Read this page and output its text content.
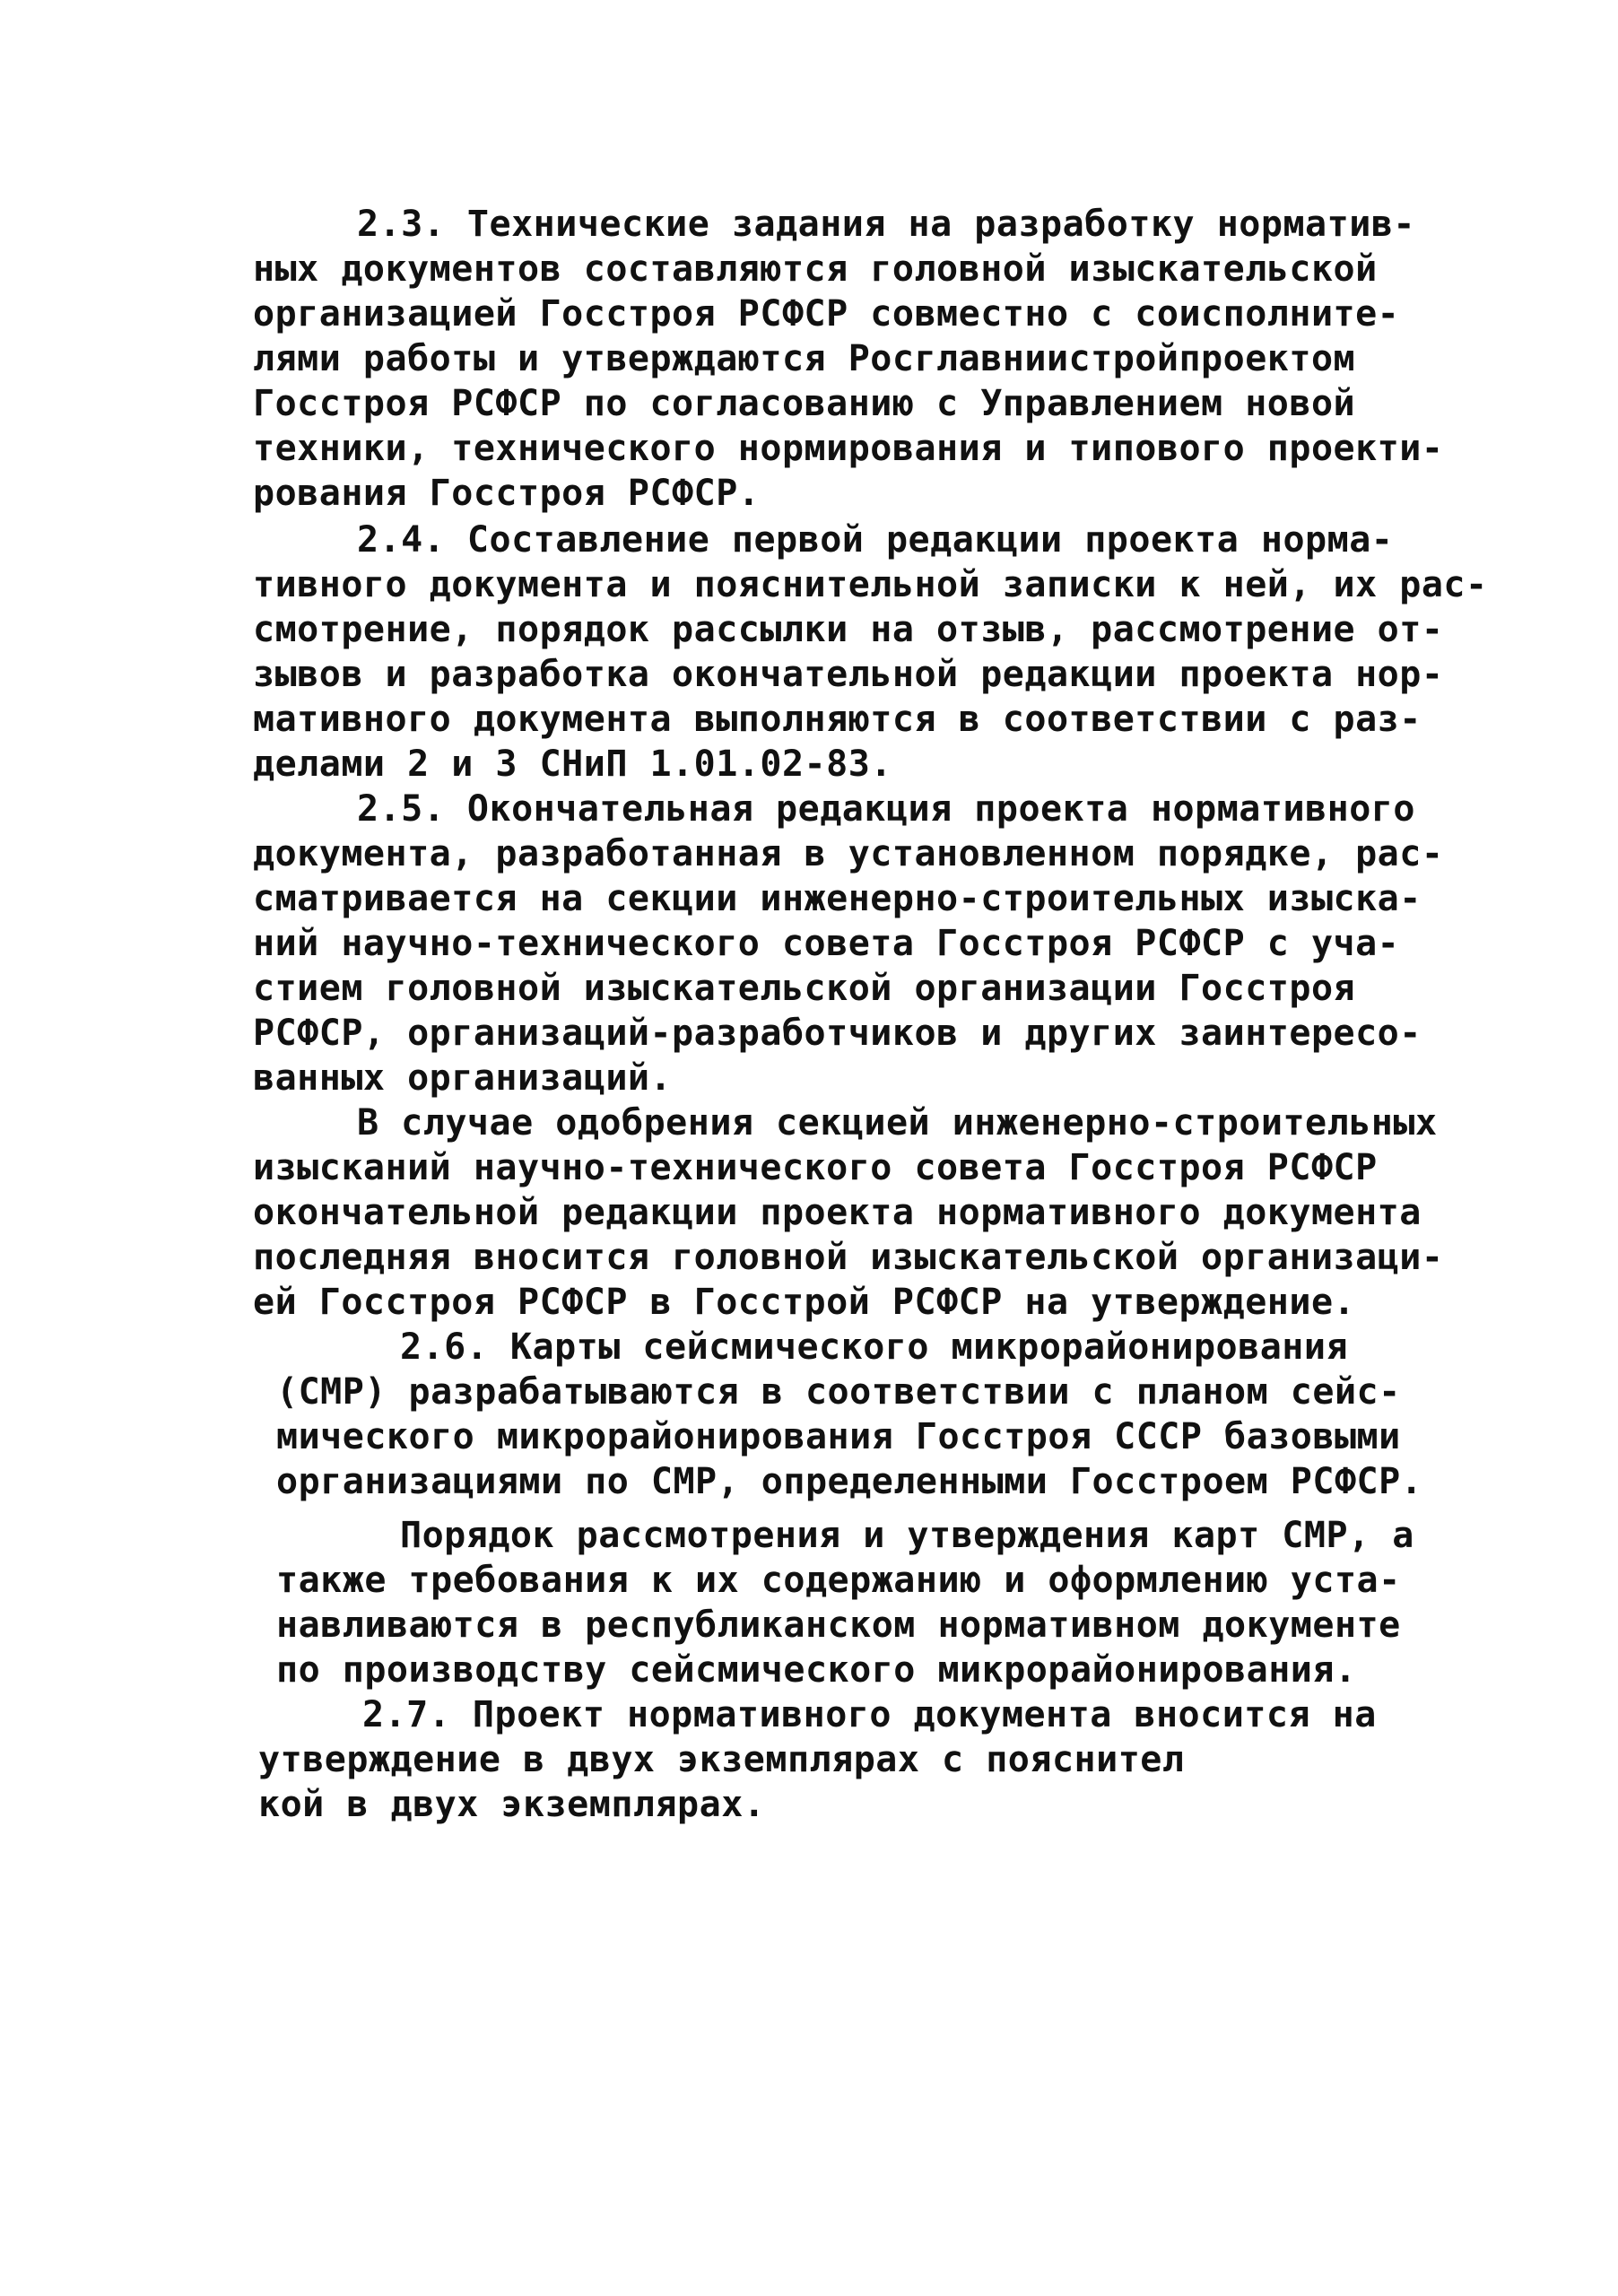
2.3. Технические задания на разработку норматив-
ных документов составляются головной изыскательской
организацией Госстроя РСФСР совместно с соисполните-
лями работы и утверждаются Росглавниистройпроектом
Госстроя РСФСР по согласованию с Управлением новой
техники, технического нормирования и типового проекти-
рования Госстроя РСФСР.
2.4. Составление первой редакции проекта норма-
тивного документа и пояснительной записки к ней, их рас-
смотрение, порядок рассылки на отзыв, рассмотрение от-
зывов и разработка окончательной редакции проекта нор-
мативного документа выполняются в соответствии с раз-
делами 2 и 3 СНиП 1.01.02-83.
2.5. Окончательная редакция проекта нормативного
документа, разработанная в установленном порядке, рас-
сматривается на секции инженерно-строительных изыска-
ний научно-технического совета Госстроя РСФСР с уча-
стием головной изыскательской организации Госстроя
РСФСР, организаций-разработчиков и других заинтересо-
ванных организаций.
В случае одобрения секцией инженерно-строительных
изысканий научно-технического совета Госстроя РСФСР
окончательной редакции проекта нормативного документа
последняя вносится головной изыскательской организаци-
ей Госстроя РСФСР в Госстрой РСФСР на утверждение.
2.6. Карты сейсмического микрорайонирования
(СМР) разрабатываются в соответствии с планом сейс-
мического микрорайонирования Госстроя СССР базовыми
организациями по СМР, определенными Госстроем РСФСР.
Порядок рассмотрения и утверждения карт СМР, а
также требования к их содержанию и оформлению уста-
навливаются в республиканском нормативном документе
по производству сейсмического микрорайонирования.
2.7. Проект нормативного документа вносится на
утверждение в двух экземплярах с пояснител
кой в двух экземплярах.
